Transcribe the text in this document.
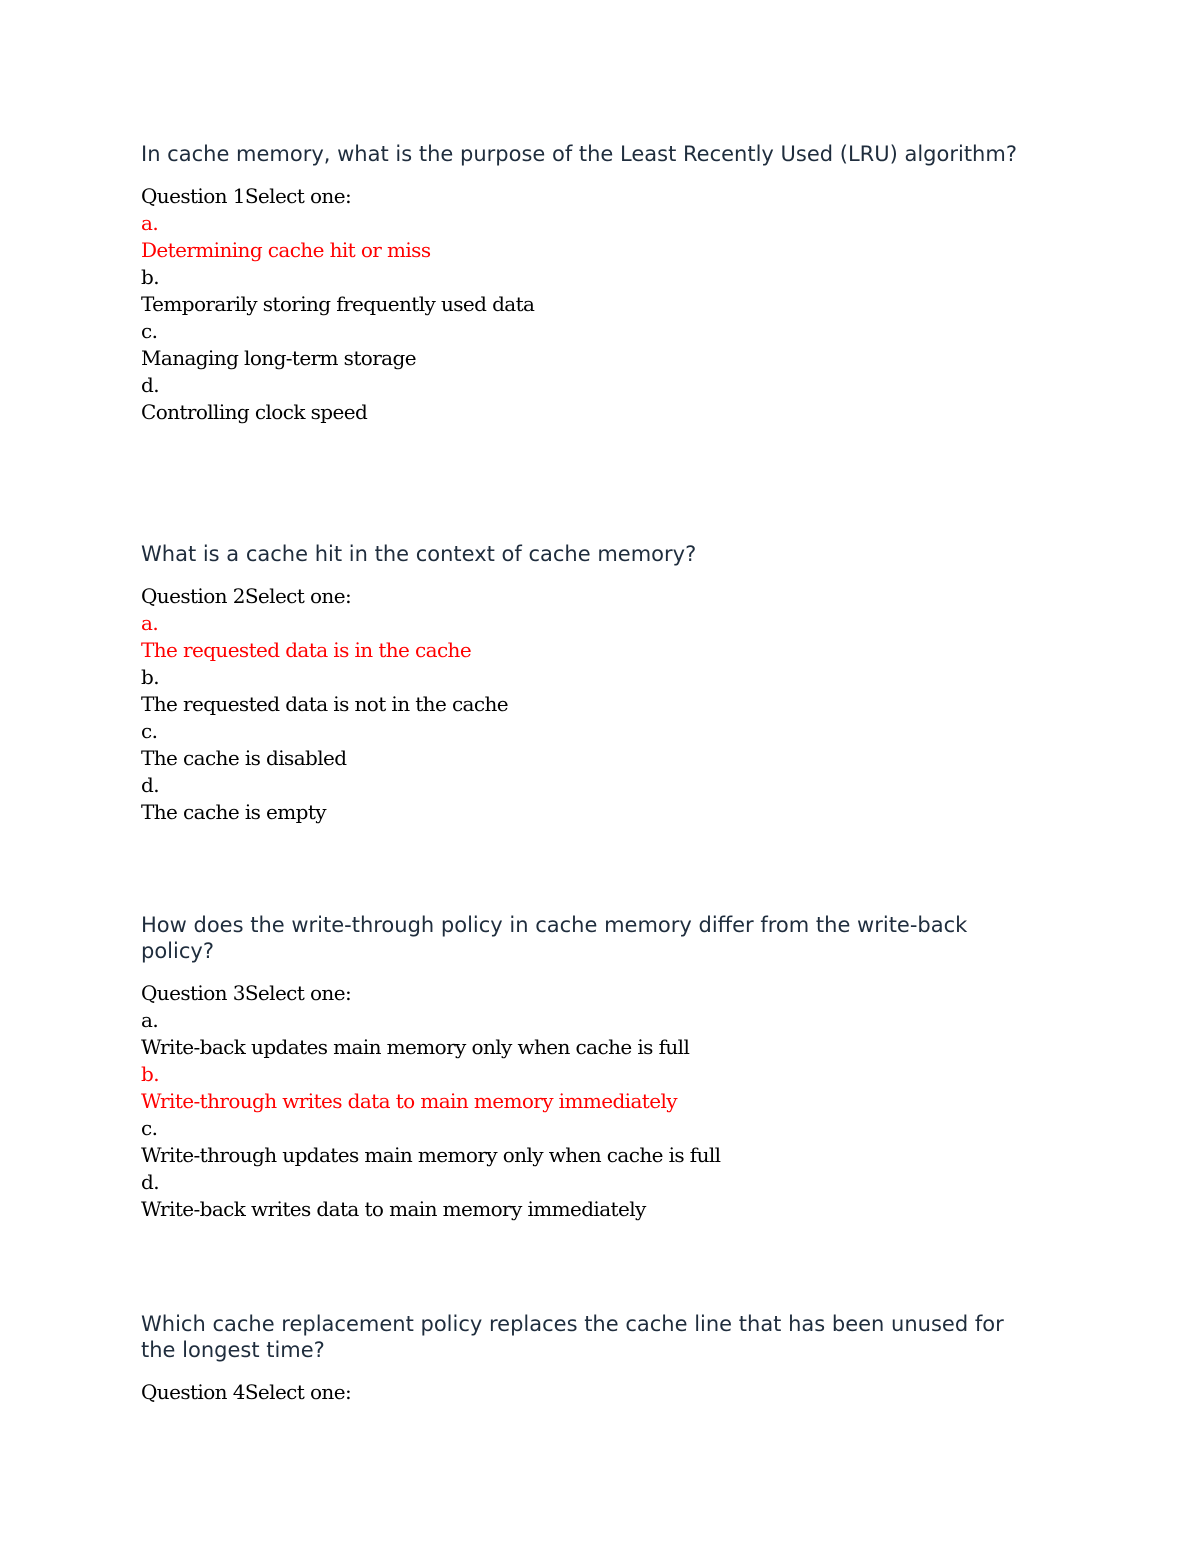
In cache memory, what is the purpose of the Least Recently Used (LRU) algorithm?

Question 1Select one:

a.

Determining cache hit or miss

b.

Temporarily storing frequently used data

c.

Managing long-term storage

d.

Controlling clock speed

What is a cache hit in the context of cache memory?

Question 2Select one:

a.

The requested data is in the cache

b.

The requested data is not in the cache

c.

The cache is disabled

d.

The cache is empty

How does the write-through policy in cache memory differ from the write-back policy?

Question 3Select one:

a.

Write-back updates main memory only when cache is full

b.

Write-through writes data to main memory immediately

c.

Write-through updates main memory only when cache is full

d.

Write-back writes data to main memory immediately

Which cache replacement policy replaces the cache line that has been unused for the longest time?

Question 4Select one:
